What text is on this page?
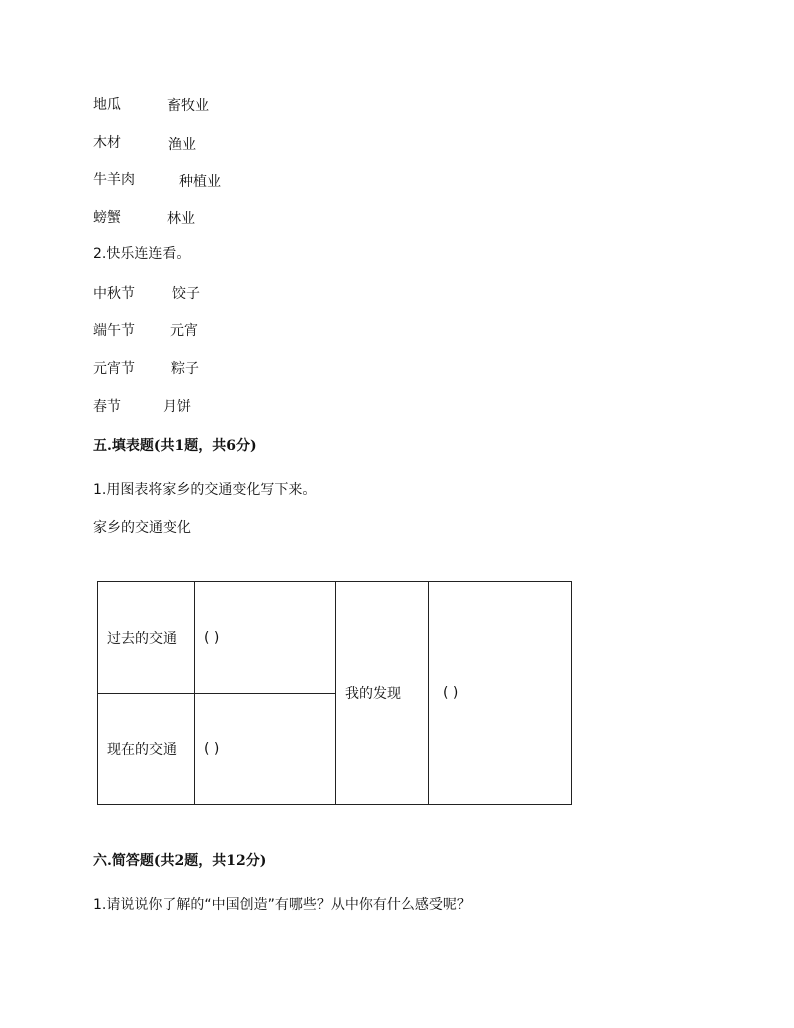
地瓜	畜牧业
木材	渔业
牛羊肉	种植业
螃蟹	林业
2.快乐连连看。
中秋节	饺子
端午节	元宵
元宵节	粽子
春节	月饼
五.填表题(共1题，共6分)
1.用图表将家乡的交通变化写下来。
家乡的交通变化
过去的交通	( )	我的发现	( )
现在的交通	( )		
六.简答题(共2题，共12分)
1.请说说你了解的“中国创造”有哪些？从中你有什么感受呢？
